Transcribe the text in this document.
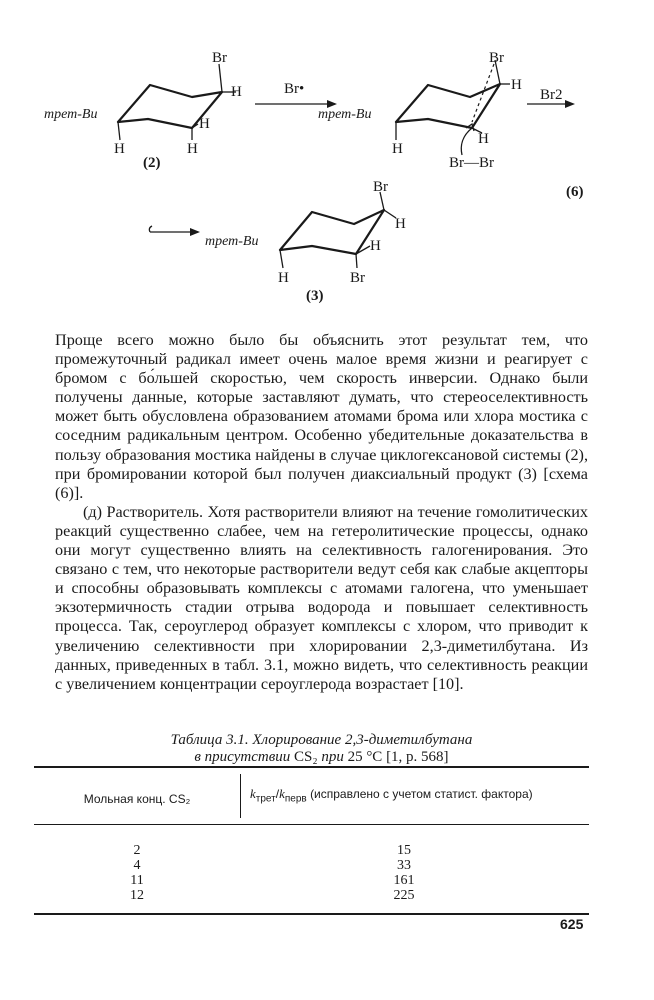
трет-Bu
Br
H
H
H	H
(2)
Br•
трет-Bu
Br
H
H
H
Br—Br
Br2
(6)
трет-Bu
Br
H
H
H	Br
(3)

Проще всего можно было бы объяснить этот результат тем, что промежуточный радикал имеет очень малое время жизни и реагирует с бромом с бо́льшей скоростью, чем скорость инверсии. Однако были получены данные, которые заставляют думать, что стереоселективность может быть обусловлена образованием атомами брома или хлора мостика с соседним радикальным центром. Особенно убедительные доказательства в пользу образования мостика найдены в случае циклогексановой системы (2), при бромировании которой был получен диаксиальный продукт (3) [схема (6)].

(д) Растворитель. Хотя растворители влияют на течение гомолитических реакций существенно слабее, чем на гетеролитические процессы, однако они могут существенно влиять на селективность галогенирования. Это связано с тем, что некоторые растворители ведут себя как слабые акцепторы и способны образовывать комплексы с атомами галогена, что уменьшает экзотермичность стадии отрыва водорода и повышает селективность процесса. Так, сероуглерод образует комплексы с хлором, что приводит к увеличению селективности при хлорировании 2,3-диметилбутана. Из данных, приведенных в табл. 3.1, можно видеть, что селективность реакции с увеличением концентрации сероуглерода возрастает [10].

Таблица 3.1. Хлорирование 2,3-диметилбутана
в присутствии CS₂ при 25 °C [1, р. 568]
Мольная конц. CS₂	$k_{трет}/k_{перв}$ (исправлено с учетом статист. фактора)
2	15
4	33
11	161
12	225
625
